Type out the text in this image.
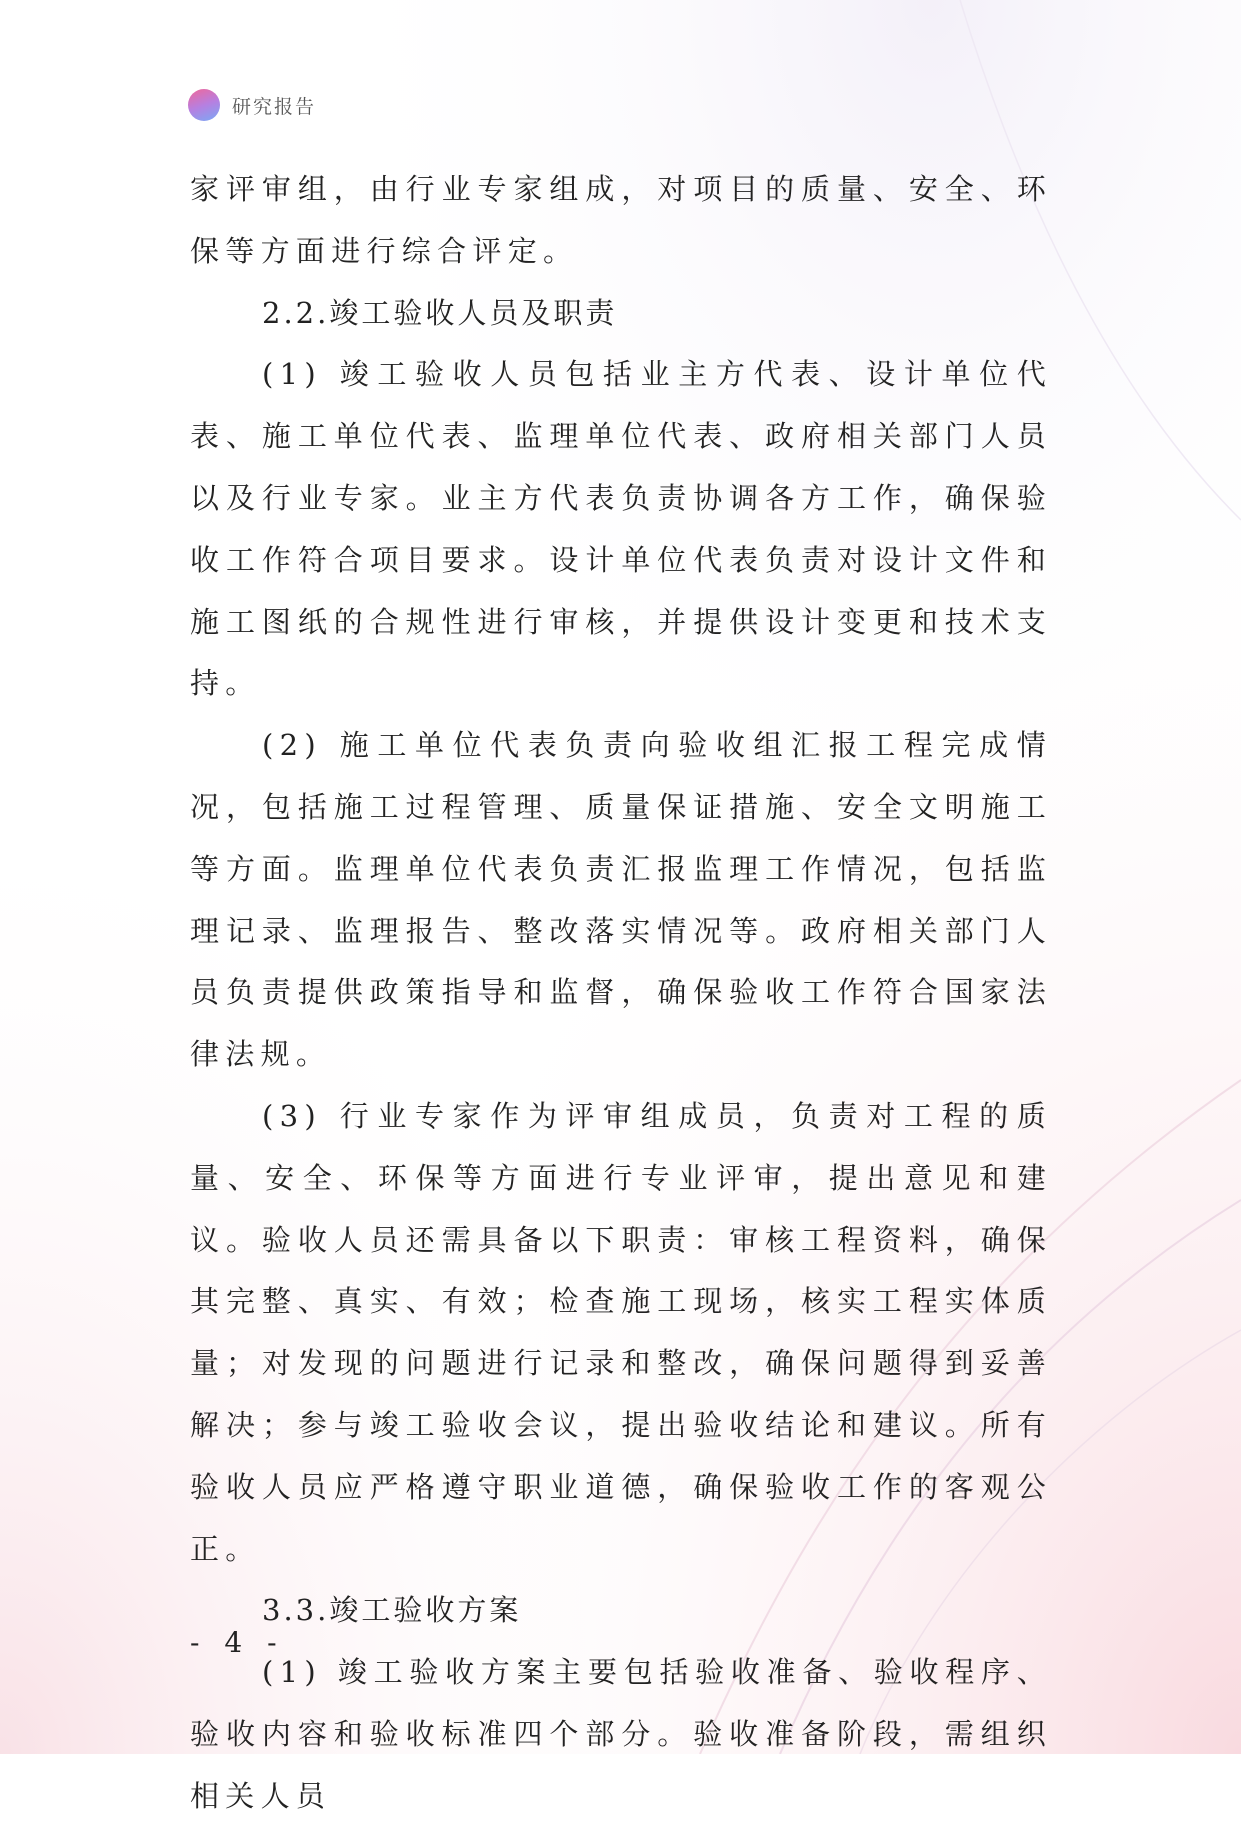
研究报告

家评审组，由行业专家组成，对项目的质量、安全、环保等方面进行综合评定。

2.2.竣工验收人员及职责

(1) 竣工验收人员包括业主方代表、设计单位代表、施工单位代表、监理单位代表、政府相关部门人员以及行业专家。业主方代表负责协调各方工作，确保验收工作符合项目要求。设计单位代表负责对设计文件和施工图纸的合规性进行审核，并提供设计变更和技术支持。

(2) 施工单位代表负责向验收组汇报工程完成情况，包括施工过程管理、质量保证措施、安全文明施工等方面。监理单位代表负责汇报监理工作情况，包括监理记录、监理报告、整改落实情况等。政府相关部门人员负责提供政策指导和监督，确保验收工作符合国家法律法规。

(3) 行业专家作为评审组成员，负责对工程的质量、安全、环保等方面进行专业评审，提出意见和建议。验收人员还需具备以下职责：审核工程资料，确保其完整、真实、有效；检查施工现场，核实工程实体质量；对发现的问题进行记录和整改，确保问题得到妥善解决；参与竣工验收会议，提出验收结论和建议。所有验收人员应严格遵守职业道德，确保验收工作的客观公正。

3.3.竣工验收方案

(1) 竣工验收方案主要包括验收准备、验收程序、验收内容和验收标准四个部分。验收准备阶段，需组织相关人员

- 4 -
